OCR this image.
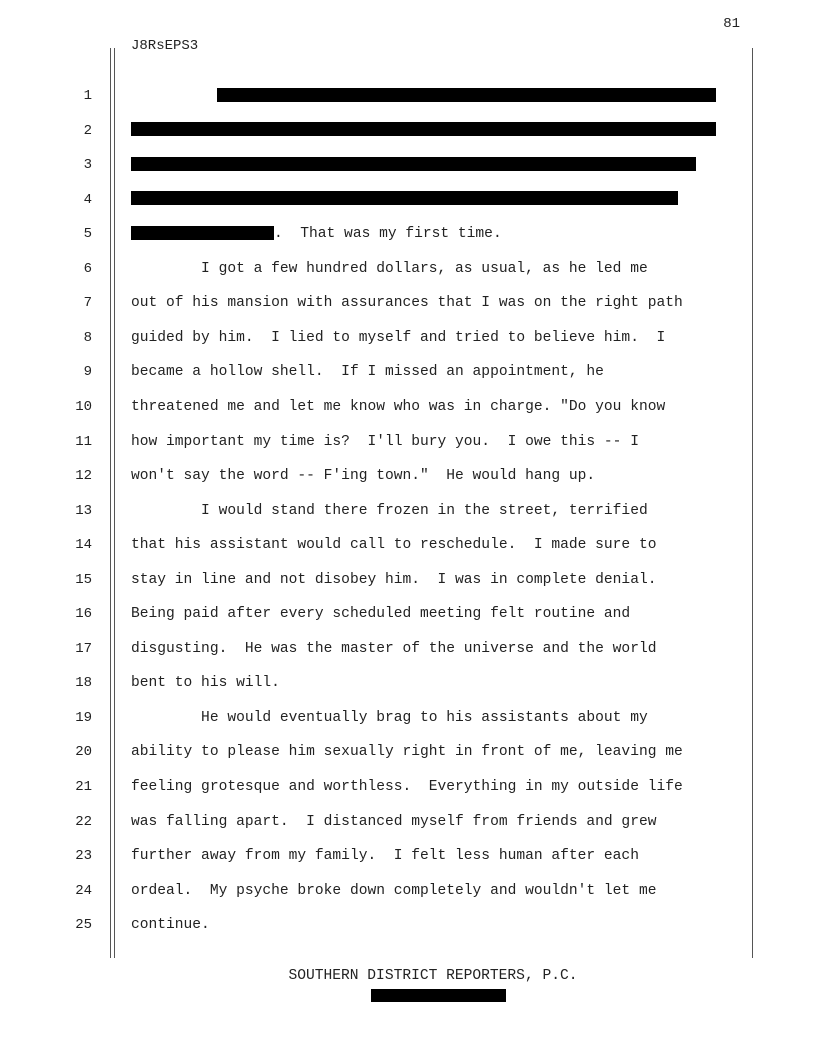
81
J8RsEPS3
1
2
3
4
5
6
7
8
9
10
11
12
13
14
15
16
17
18
19
20
21
22
23
24
25
.  That was my first time.
I got a few hundred dollars, as usual, as he led me
out of his mansion with assurances that I was on the right path
guided by him.  I lied to myself and tried to believe him.  I
became a hollow shell.  If I missed an appointment, he
threatened me and let me know who was in charge. "Do you know
how important my time is?  I'll bury you.  I owe this -- I
won't say the word -- F'ing town."  He would hang up.
I would stand there frozen in the street, terrified
that his assistant would call to reschedule.  I made sure to
stay in line and not disobey him.  I was in complete denial.
Being paid after every scheduled meeting felt routine and
disgusting.  He was the master of the universe and the world
bent to his will.
He would eventually brag to his assistants about my
ability to please him sexually right in front of me, leaving me
feeling grotesque and worthless.  Everything in my outside life
was falling apart.  I distanced myself from friends and grew
further away from my family.  I felt less human after each
ordeal.  My psyche broke down completely and wouldn't let me
continue.
SOUTHERN DISTRICT REPORTERS, P.C.
